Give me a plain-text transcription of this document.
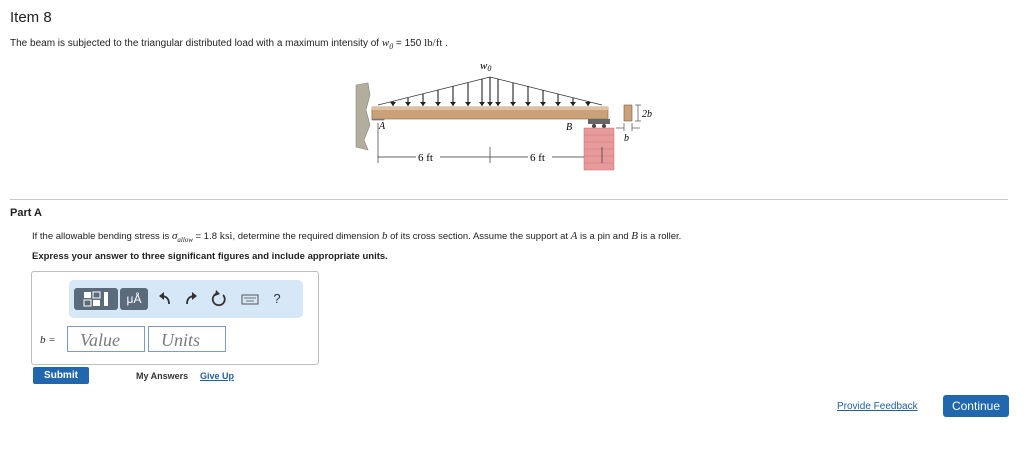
Item 8
The beam is subjected to the triangular distributed load with a maximum intensity of $w_0 = 150$ lb/ft .
w0
A	B
6 ft	6 ft
2b
b
Part A
If the allowable bending stress is $\sigma_{allow} = 1.8$ ksi, determine the required dimension b of its cross section. Assume the support at A is a pin and B is a roller.
Express your answer to three significant figures and include appropriate units.
μÅ	?
b =	Value	Units
Submit	My Answers Give Up
Provide Feedback	Continue
